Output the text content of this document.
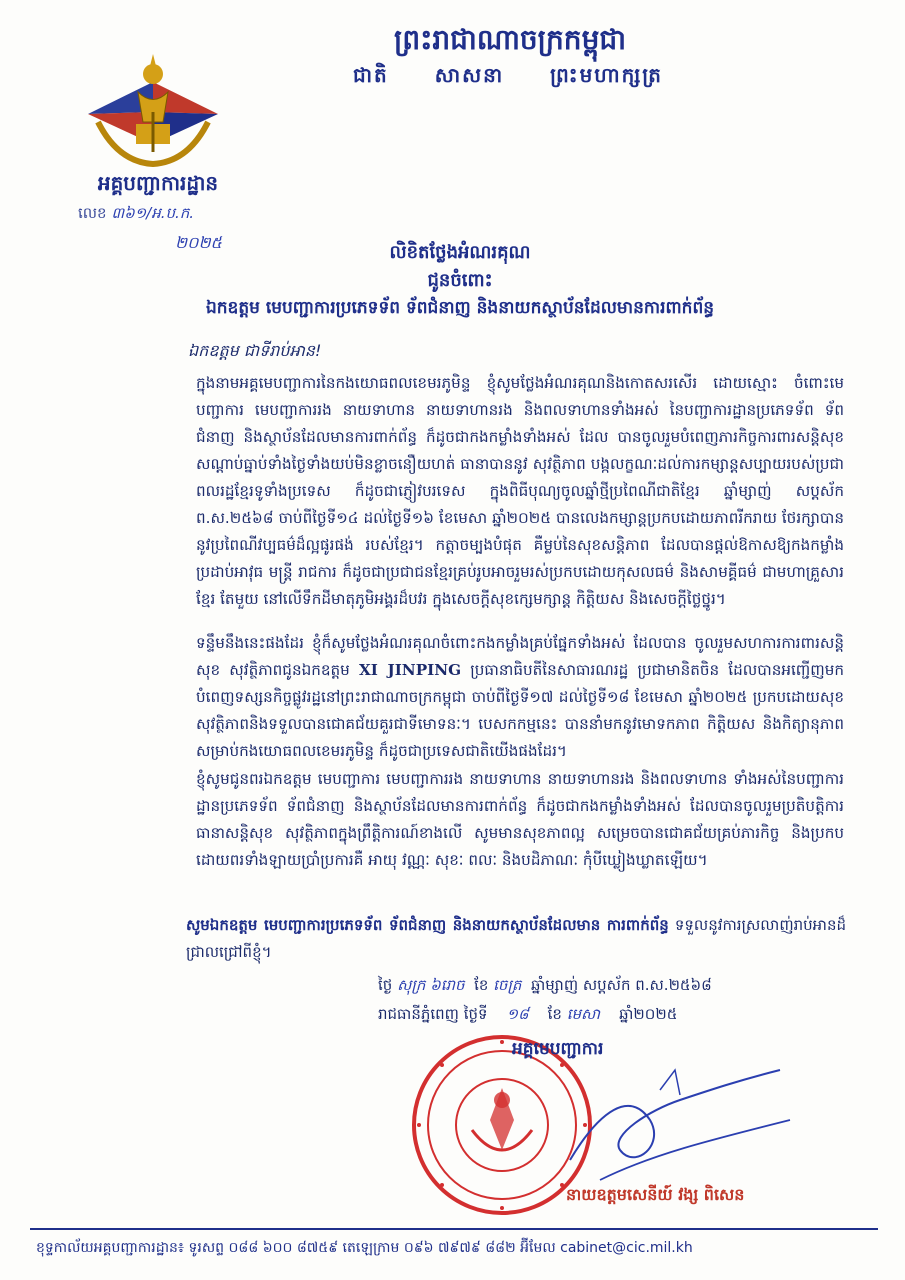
ព្រះរាជាណាចក្រកម្ពុជា
ជាតិ សាសនា ព្រះមហាក្សត្រ
អគ្គបញ្ជាការដ្ឋាន
លេខ ៣៦១/អ.ប.ក.
២០២៥	លិខិតថ្លែងអំណរគុណ
ជូនចំពោះ
ឯកឧត្តម មេបញ្ជាការប្រភេទទ័ព ទ័ពជំនាញ និងនាយកស្ថាប័នដែលមានការពាក់ព័ន្ធ
ឯកឧត្តម ជាទីរាប់អាន!
ក្នុងនាមអគ្គមេបញ្ជាការនៃកងយោធពលខេមរភូមិន្ទ ខ្ញុំសូមថ្លែងអំណរគុណនិងកោតសរសើរ ដោយស្មោះ ចំពោះមេបញ្ជាការ មេបញ្ជាការរង នាយទាហាន នាយទាហានរង និងពលទាហានទាំងអស់ នៃបញ្ជាការដ្ឋានប្រភេទទ័ព ទ័ពជំនាញ និងស្ថាប័នដែលមានការពាក់ព័ន្ធ ក៏ដូចជាកងកម្លាំងទាំងអស់ ដែល បានចូលរួមបំពេញភារកិច្ចការពារសន្តិសុខ សណ្តាប់ធ្នាប់ទាំងថ្ងៃទាំងយប់មិនខ្លាចនឿយហត់ ធានាបាននូវ សុវត្ថិភាព បង្កលក្ខណៈដល់ការកម្សាន្តសប្បាយរបស់ប្រជាពលរដ្ឋខ្មែរទូទាំងប្រទេស ក៏ដូចជាភ្ញៀវបរទេស ក្នុងពិធីបុណ្យចូលឆ្នាំថ្មីប្រពៃណីជាតិខ្មែរ ឆ្នាំម្សាញ់ សប្តស័ក ព.ស.២៥៦៨ ចាប់ពីថ្ងៃទី១៤ ដល់ថ្ងៃទី១៦ ខែមេសា ឆ្នាំ២០២៥ បានលេងកម្សាន្តប្រកបដោយភាពរីករាយ ថែរក្សាបាននូវប្រពៃណីវប្បធម៌ដ៏ល្អផូរផង់ របស់ខ្មែរ។ កត្តាចម្បងបំផុត គឺម្លប់នៃសុខសន្តិភាព ដែលបានផ្តល់ឱកាសឱ្យកងកម្លាំងប្រដាប់អាវុធ មន្ត្រី រាជការ ក៏ដូចជាប្រជាជនខ្មែរគ្រប់រូបអាចរួមរស់ប្រកបដោយកុសលធម៌ និងសាមគ្គីធម៌ ជាមហាគ្រួសារខ្មែរ តែមួយ នៅលើទឹកដីមាតុភូមិអង្គរដ៏បវរ ក្នុងសេចក្តីសុខក្សេមក្សាន្ត កិត្តិយស និងសេចក្តីថ្លៃថ្នូរ។
ទន្ទឹមនឹងនេះផងដែរ ខ្ញុំក៏សូមថ្លែងអំណរគុណចំពោះកងកម្លាំងគ្រប់ផ្នែកទាំងអស់ ដែលបាន ចូលរួមសហការការពារសន្តិសុខ សុវត្ថិភាពជូនឯកឧត្តម XI JINPING ប្រធានាធិបតីនៃសាធារណរដ្ឋ ប្រជាមានិតចិន ដែលបានអញ្ជើញមកបំពេញទស្សនកិច្ចផ្លូវរដ្ឋនៅព្រះរាជាណាចក្រកម្ពុជា ចាប់ពីថ្ងៃទី១៧ ដល់ថ្ងៃទី១៨ ខែមេសា ឆ្នាំ២០២៥ ប្រកបដោយសុខសុវត្ថិភាពនិងទទួលបានជោគជ័យគួរជាទីមោទនៈ។ បេសកកម្មនេះ បាននាំមកនូវមោទកភាព កិត្តិយស និងកិត្យានុភាពសម្រាប់កងយោធពលខេមរភូមិន្ទ ក៏ដូចជាប្រទេសជាតិយើងផងដែរ។
ខ្ញុំសូមជូនពរឯកឧត្តម មេបញ្ជាការ មេបញ្ជាការរង នាយទាហាន នាយទាហានរង និងពលទាហាន ទាំងអស់នៃបញ្ជាការដ្ឋានប្រភេទទ័ព ទ័ពជំនាញ និងស្ថាប័នដែលមានការពាក់ព័ន្ធ ក៏ដូចជាកងកម្លាំងទាំងអស់ ដែលបានចូលរួមប្រតិបត្តិការធានាសន្តិសុខ សុវត្ថិភាពក្នុងព្រឹត្តិការណ៍ខាងលើ សូមមានសុខភាពល្អ សម្រេចបានជោគជ័យគ្រប់ភារកិច្ច និងប្រកបដោយពរទាំងឡាយប្រាំប្រការគឺ អាយុ វណ្ណៈ សុខៈ ពលៈ និងបដិភាណៈ កុំបីឃ្លៀងឃ្លាតឡើយ។
សូមឯកឧត្តម មេបញ្ជាការប្រភេទទ័ព ទ័ពជំនាញ និងនាយកស្ថាប័នដែលមាន ការពាក់ព័ន្ធ ទទួលនូវការស្រលាញ់រាប់អានដ៏ជ្រាលជ្រៅពីខ្ញុំ។
ថ្ងៃ សុក្រ ៦រោច ខែ ចេត្រ ឆ្នាំម្សាញ់ សប្តស័ក ព.ស.២៥៦៨
រាជធានីភ្នំពេញ ថ្ងៃទី ១៨ ខែ មេសា ឆ្នាំ២០២៥
អគ្គមេបញ្ជាការ
នាយឧត្តមសេនីយ៍ វង្ស ពិសេន
ខុទ្ទកាល័យអគ្គបញ្ជាការដ្ឋាន៖ ទូរសព្ទ ០៨៨ ៦០០ ៨៧៥៩ តេឡេក្រាម ០៩៦ ៧៩៧៩ ៨៨២ អ៊ីមែល cabinet@cic.mil.kh
